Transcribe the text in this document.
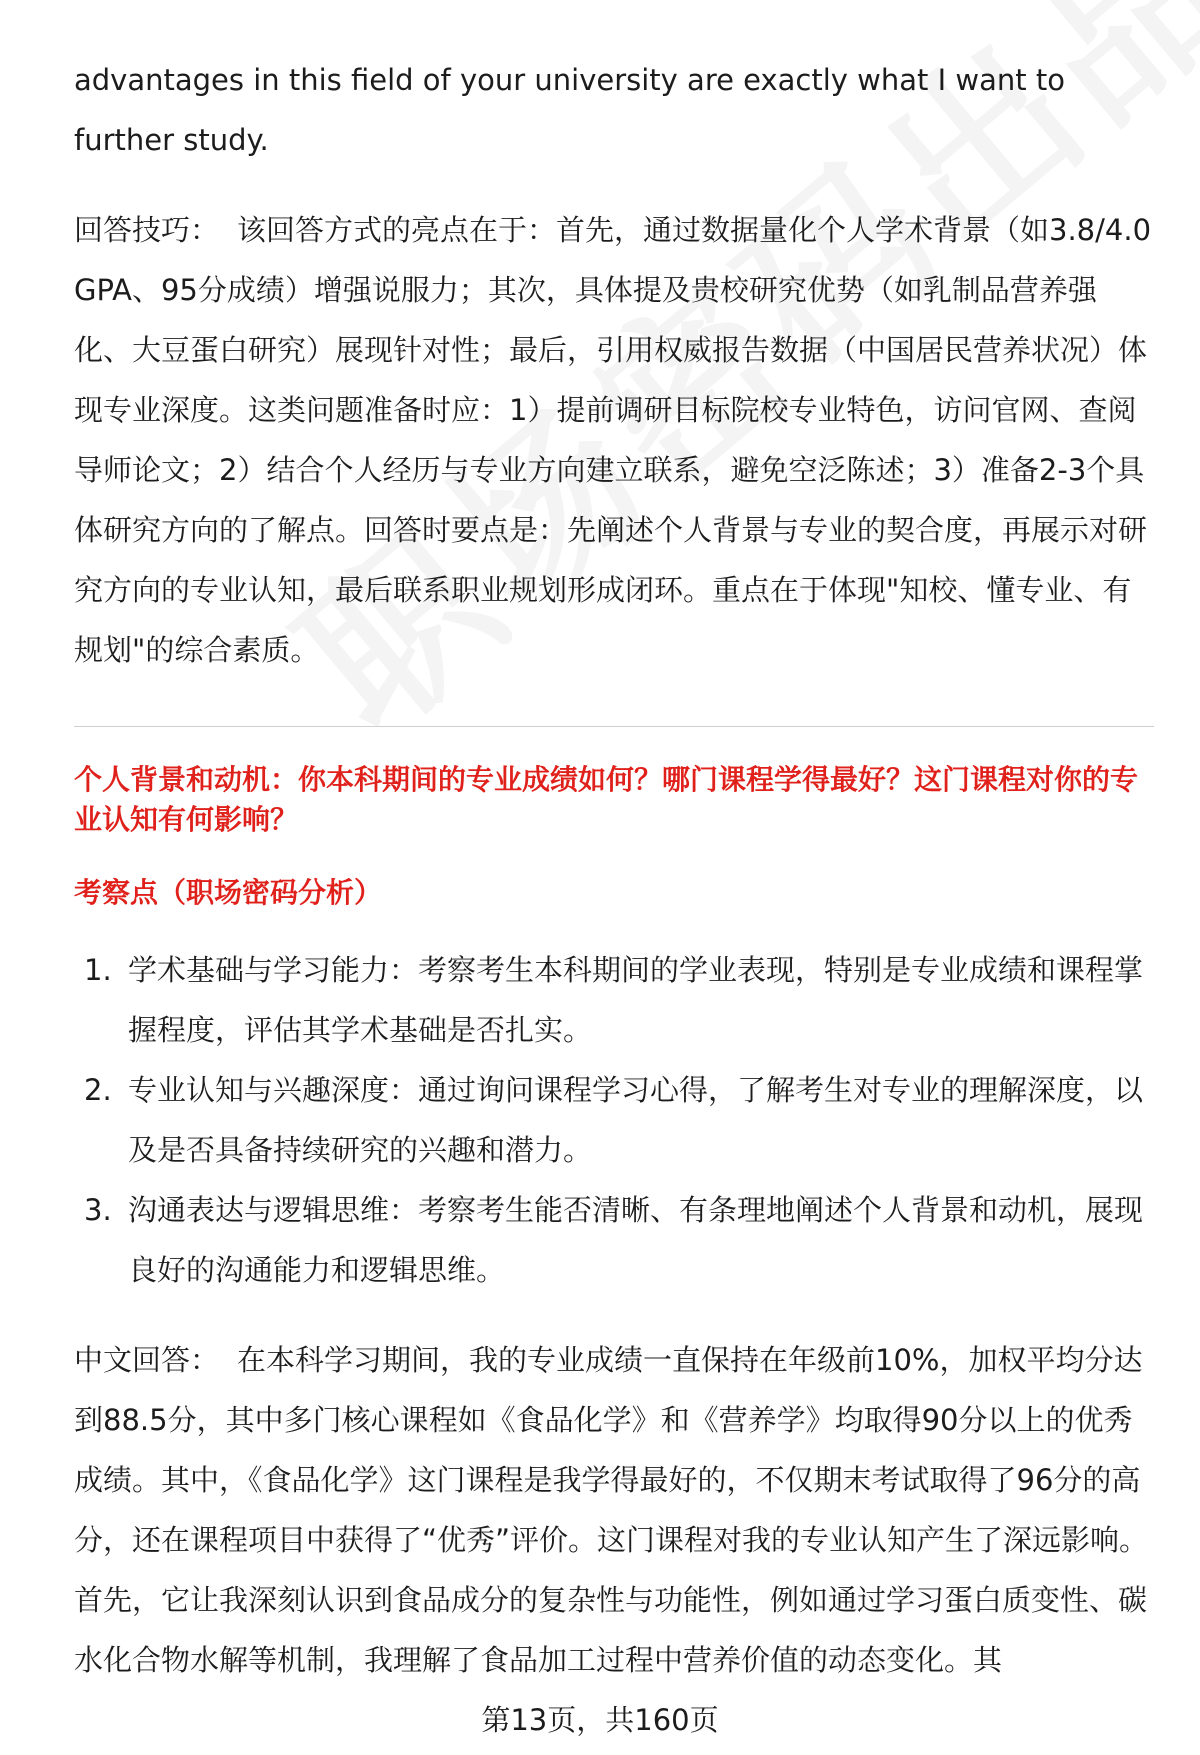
advantages in this field of your university are exactly what I want to further study.

回答技巧： 该回答方式的亮点在于：首先，通过数据量化个人学术背景（如3.8/4.0 GPA、95分成绩）增强说服力；其次，具体提及贵校研究优势（如乳制品营养强化、大豆蛋白研究）展现针对性；最后，引用权威报告数据（中国居民营养状况）体现专业深度。这类问题准备时应：1）提前调研目标院校专业特色，访问官网、查阅导师论文；2）结合个人经历与专业方向建立联系，避免空泛陈述；3）准备2-3个具体研究方向的了解点。回答时要点是：先阐述个人背景与专业的契合度，再展示对研究方向的专业认知，最后联系职业规划形成闭环。重点在于体现"知校、懂专业、有规划"的综合素质。

个人背景和动机：你本科期间的专业成绩如何？哪门课程学得最好？这门课程对你的专业认知有何影响？
考察点（职场密码分析）
1. 学术基础与学习能力：考察考生本科期间的学业表现，特别是专业成绩和课程掌握程度，评估其学术基础是否扎实。
2. 专业认知与兴趣深度：通过询问课程学习心得，了解考生对专业的理解深度，以及是否具备持续研究的兴趣和潜力。
3. 沟通表达与逻辑思维：考察考生能否清晰、有条理地阐述个人背景和动机，展现良好的沟通能力和逻辑思维。

中文回答： 在本科学习期间，我的专业成绩一直保持在年级前10%，加权平均分达到88.5分，其中多门核心课程如《食品化学》和《营养学》均取得90分以上的优秀成绩。其中，《食品化学》这门课程是我学得最好的，不仅期末考试取得了96分的高分，还在课程项目中获得了“优秀”评价。这门课程对我的专业认知产生了深远影响。首先，它让我深刻认识到食品成分的复杂性与功能性，例如通过学习蛋白质变性、碳水化合物水解等机制，我理解了食品加工过程中营养价值的动态变化。其

第13页，共160页
